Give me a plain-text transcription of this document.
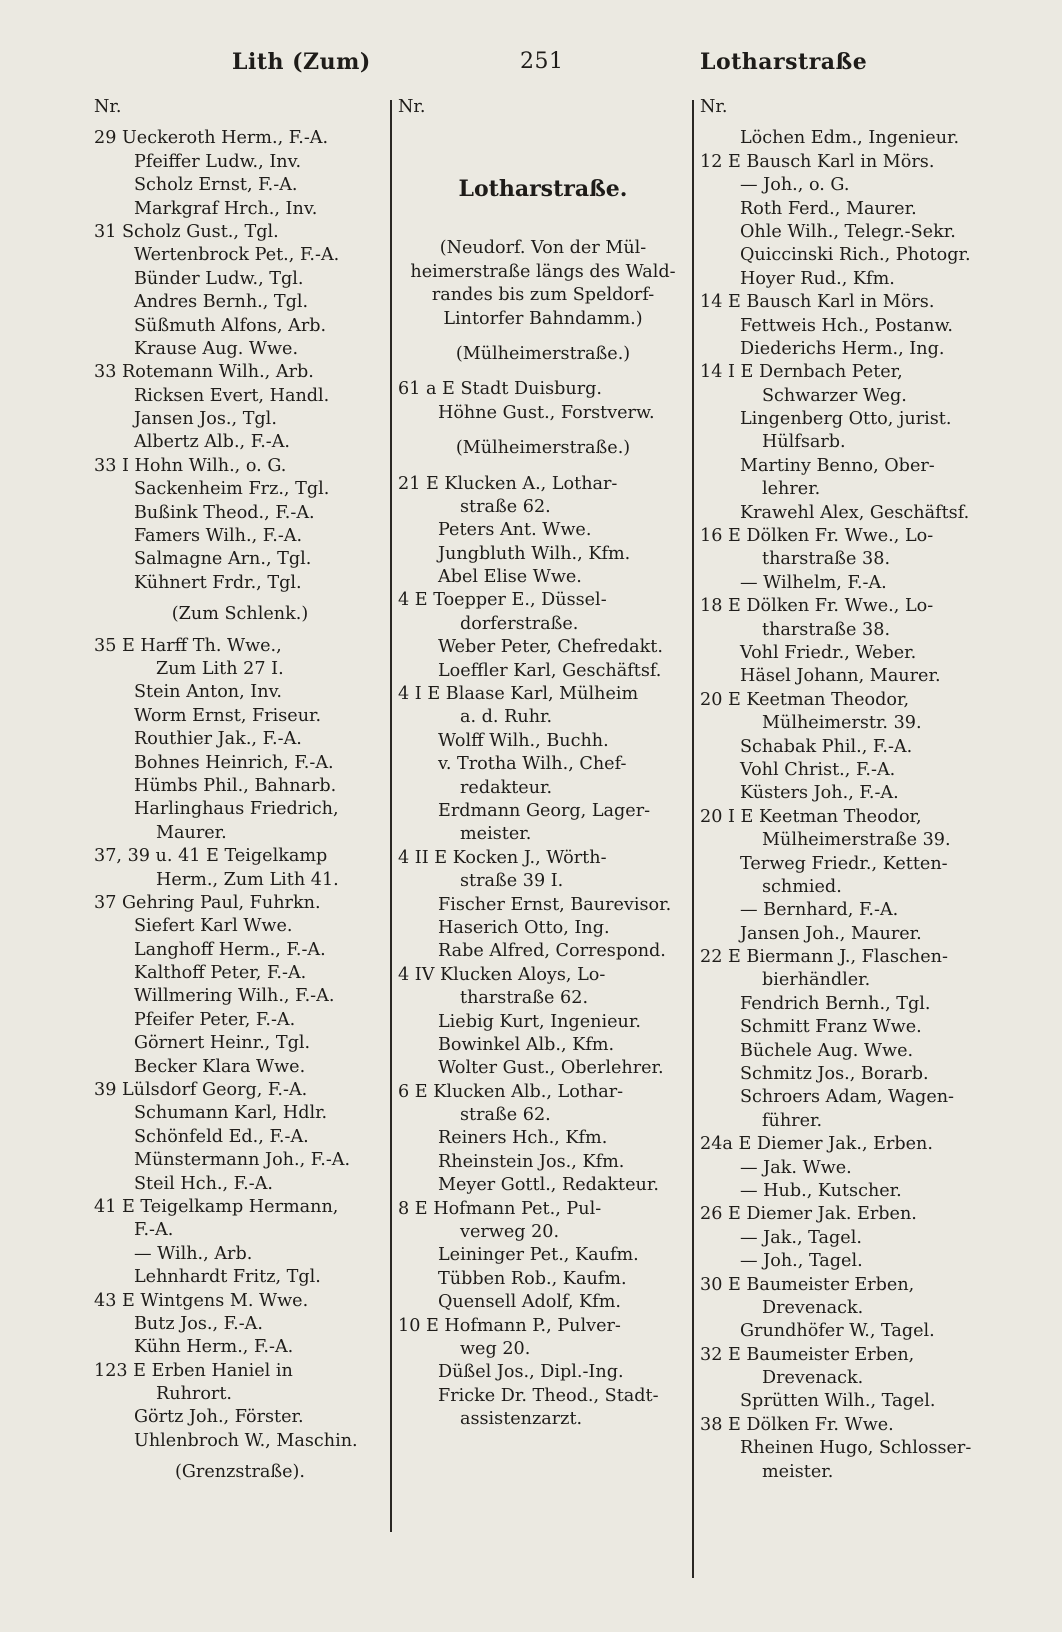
Lith (Zum)	251	Lotharstraße
Nr.
29 Ueckeroth Herm., F.-A.
Pfeiffer Ludw., Inv.
Scholz Ernst, F.-A.
Markgraf Hrch., Inv.
31 Scholz Gust., Tgl.
Wertenbrock Pet., F.-A.
Bünder Ludw., Tgl.
Andres Bernh., Tgl.
Süßmuth Alfons, Arb.
Krause Aug. Wwe.
33 Rotemann Wilh., Arb.
Ricksen Evert, Handl.
Jansen Jos., Tgl.
Albertz Alb., F.-A.
33 I Hohn Wilh., o. G.
Sackenheim Frz., Tgl.
Bußink Theod., F.-A.
Famers Wilh., F.-A.
Salmagne Arn., Tgl.
Kühnert Frdr., Tgl.
(Zum Schlenk.)
35 E Harff Th. Wwe.,
Zum Lith 27 I.
Stein Anton, Inv.
Worm Ernst, Friseur.
Routhier Jak., F.-A.
Bohnes Heinrich, F.-A.
Hümbs Phil., Bahnarb.
Harlinghaus Friedrich,
Maurer.
37, 39 u. 41 E Teigelkamp
Herm., Zum Lith 41.
37 Gehring Paul, Fuhrkn.
Siefert Karl Wwe.
Langhoff Herm., F.-A.
Kalthoff Peter, F.-A.
Willmering Wilh., F.-A.
Pfeifer Peter, F.-A.
Görnert Heinr., Tgl.
Becker Klara Wwe.
39 Lülsdorf Georg, F.-A.
Schumann Karl, Hdlr.
Schönfeld Ed., F.-A.
Münstermann Joh., F.-A.
Steil Hch., F.-A.
41 E Teigelkamp Hermann,
F.-A.
— Wilh., Arb.
Lehnhardt Fritz, Tgl.
43 E Wintgens M. Wwe.
Butz Jos., F.-A.
Kühn Herm., F.-A.
123 E Erben Haniel in
Ruhrort.
Görtz Joh., Förster.
Uhlenbroch W., Maschin.
(Grenzstraße).
Nr.
Lotharstraße.
(Neudorf. Von der Mül-
heimerstraße längs des Wald-
randes bis zum Speldorf-
Lintorfer Bahndamm.)
(Mülheimerstraße.)
61 a E Stadt Duisburg.
Höhne Gust., Forstverw.
(Mülheimerstraße.)
21 E Klucken A., Lothar-
straße 62.
Peters Ant. Wwe.
Jungbluth Wilh., Kfm.
Abel Elise Wwe.
4 E Toepper E., Düssel-
dorferstraße.
Weber Peter, Chefredakt.
Loeffler Karl, Geschäftsf.
4 I E Blaase Karl, Mülheim
a. d. Ruhr.
Wolff Wilh., Buchh.
v. Trotha Wilh., Chef-
redakteur.
Erdmann Georg, Lager-
meister.
4 II E Kocken J., Wörth-
straße 39 I.
Fischer Ernst, Baurevisor.
Haserich Otto, Ing.
Rabe Alfred, Correspond.
4 IV Klucken Aloys, Lo-
tharstraße 62.
Liebig Kurt, Ingenieur.
Bowinkel Alb., Kfm.
Wolter Gust., Oberlehrer.
6 E Klucken Alb., Lothar-
straße 62.
Reiners Hch., Kfm.
Rheinstein Jos., Kfm.
Meyer Gottl., Redakteur.
8 E Hofmann Pet., Pul-
verweg 20.
Leininger Pet., Kaufm.
Tübben Rob., Kaufm.
Quensell Adolf, Kfm.
10 E Hofmann P., Pulver-
weg 20.
Düßel Jos., Dipl.-Ing.
Fricke Dr. Theod., Stadt-
assistenzarzt.
Nr.
Löchen Edm., Ingenieur.
12 E Bausch Karl in Mörs.
— Joh., o. G.
Roth Ferd., Maurer.
Ohle Wilh., Telegr.-Sekr.
Quiccinski Rich., Photogr.
Hoyer Rud., Kfm.
14 E Bausch Karl in Mörs.
Fettweis Hch., Postanw.
Diederichs Herm., Ing.
14 I E Dernbach Peter,
Schwarzer Weg.
Lingenberg Otto, jurist.
Hülfsarb.
Martiny Benno, Ober-
lehrer.
Krawehl Alex, Geschäftsf.
16 E Dölken Fr. Wwe., Lo-
tharstraße 38.
— Wilhelm, F.-A.
18 E Dölken Fr. Wwe., Lo-
tharstraße 38.
Vohl Friedr., Weber.
Häsel Johann, Maurer.
20 E Keetman Theodor,
Mülheimerstr. 39.
Schabak Phil., F.-A.
Vohl Christ., F.-A.
Küsters Joh., F.-A.
20 I E Keetman Theodor,
Mülheimerstraße 39.
Terweg Friedr., Ketten-
schmied.
— Bernhard, F.-A.
Jansen Joh., Maurer.
22 E Biermann J., Flaschen-
bierhändler.
Fendrich Bernh., Tgl.
Schmitt Franz Wwe.
Büchele Aug. Wwe.
Schmitz Jos., Borarb.
Schroers Adam, Wagen-
führer.
24a E Diemer Jak., Erben.
— Jak. Wwe.
— Hub., Kutscher.
26 E Diemer Jak. Erben.
— Jak., Tagel.
— Joh., Tagel.
30 E Baumeister Erben,
Drevenack.
Grundhöfer W., Tagel.
32 E Baumeister Erben,
Drevenack.
Sprütten Wilh., Tagel.
38 E Dölken Fr. Wwe.
Rheinen Hugo, Schlosser-
meister.
